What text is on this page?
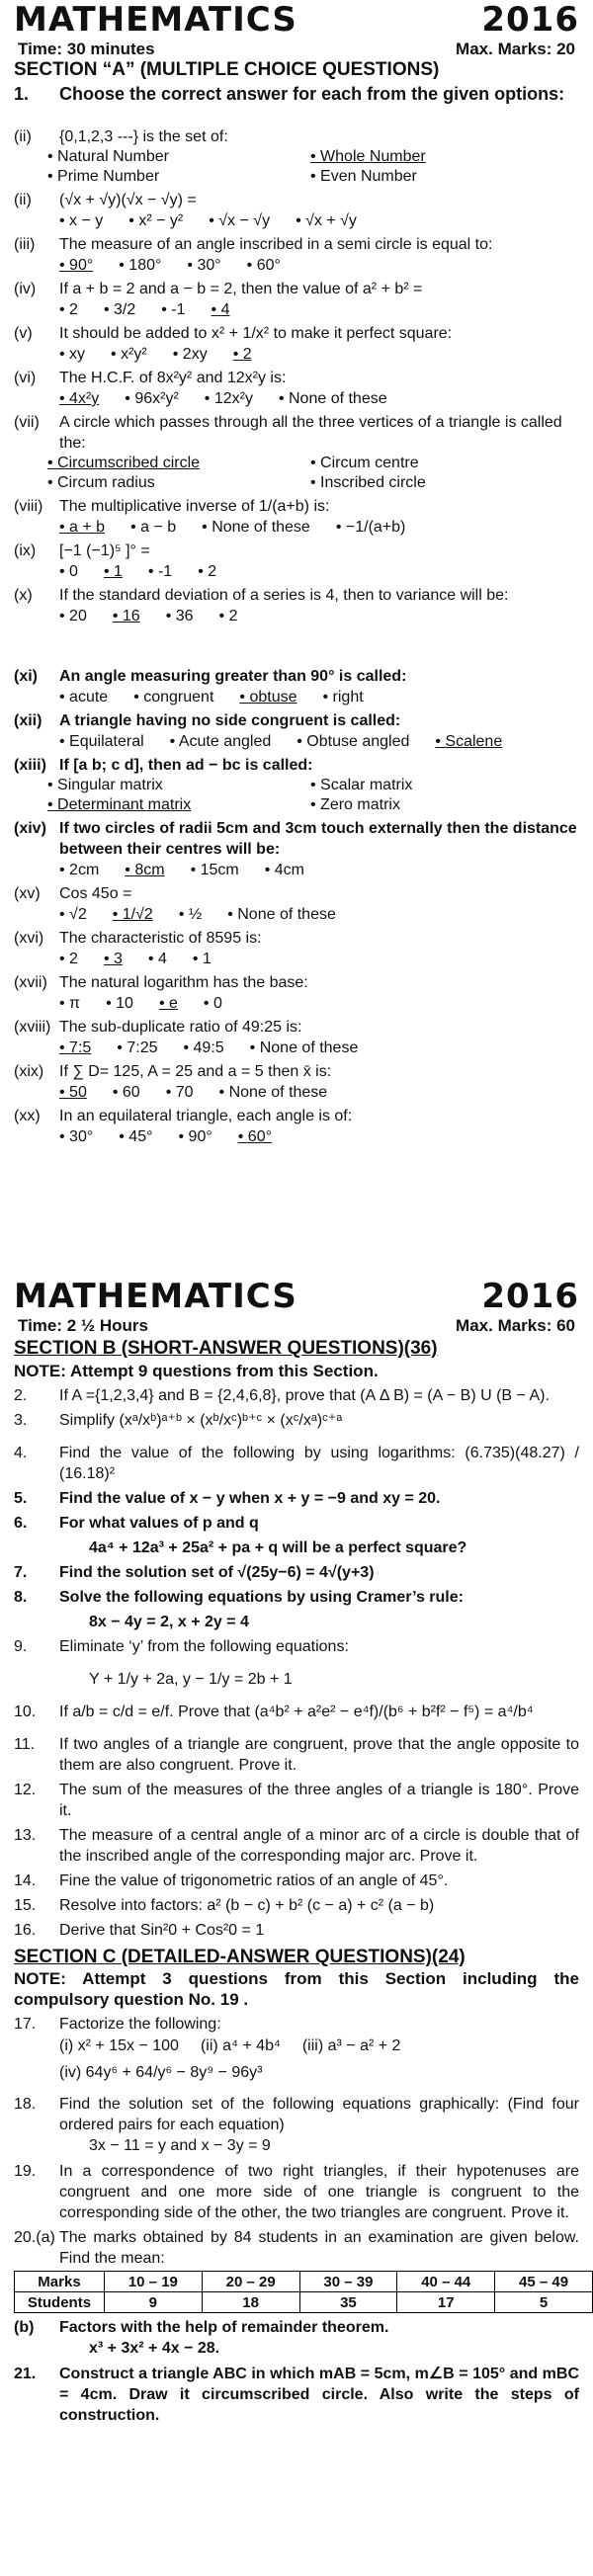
MATHEMATICS	2016
Time: 30 minutes	Max. Marks: 20
SECTION “A” (MULTIPLE CHOICE QUESTIONS)
1.	Choose the correct answer for each from the given options:
(ii)	{0,1,2,3 ---} is the set of:
• Natural Number	• Whole Number
• Prime Number	• Even Number
(ii)	(√x + √y)(√x − √y) =
• x − y	• x² − y²	• √x − √y	• √x + √y
(iii)	The measure of an angle inscribed in a semi circle is equal to:
• 90°	• 180°	• 30°	• 60°
(iv)	If a + b = 2 and a − b = 2, then the value of a² + b² =
• 2	• 3/2	• -1	• 4
(v)	It should be added to x² + 1/x² to make it perfect square:
• xy	• x²y²	• 2xy	• 2
(vi)	The H.C.F. of 8x²y² and 12x²y is:
• 4x²y	• 96x²y²	• 12x²y	• None of these
(vii)	A circle which passes through all the three vertices of a triangle is called the:
• Circumscribed circle	• Circum centre
• Circum radius	• Inscribed circle
(viii)	The multiplicative inverse of 1/(a+b) is:
• a + b	• a − b	• None of these	• −1/(a+b)
(ix)	[−1 (−1)⁵ ]° =
• 0	• 1	• -1	• 2
(x)	If the standard deviation of a series is 4, then to variance will be:
• 20	• 16	• 36	• 2
(xi)	An angle measuring greater than 90° is called:
• acute	• congruent	• obtuse	• right
(xii)	A triangle having no side congruent is called:
• Equilateral	• Acute angled	• Obtuse angled	• Scalene
(xiii) If [a b; c d], then ad − bc is called:
• Singular matrix	• Scalar matrix
• Determinant matrix	• Zero matrix
(xiv) If two circles of radii 5cm and 3cm touch externally then the distance between their centres will be:
• 2cm	• 8cm	• 15cm	• 4cm
(xv)	Cos 45o =
• √2	• 1/√2	• ½	• None of these
(xvi) The characteristic of 8595 is:
• 2	• 3	• 4	• 1
(xvii) The natural logarithm has the base:
• π	• 10	• e	• 0
(xviii) The sub-duplicate ratio of 49:25 is:
• 7:5	• 7:25	• 49:5	• None of these
(xix) If ∑ D= 125, A = 25 and a = 5 then x̄ is:
• 50	• 60	• 70	• None of these
(xx)	In an equilateral triangle, each angle is of:
• 30°	• 45°	• 90°	• 60°
MATHEMATICS	2016
Time: 2 ½ Hours	Max. Marks: 60
SECTION B (SHORT-ANSWER QUESTIONS)(36)
NOTE: Attempt 9 questions from this Section.
2.	If A ={1,2,3,4} and B = {2,4,6,8}, prove that (A Δ B) = (A − B) U (B − A).
3.	Simplify (xᵃ/xᵇ)ᵃ⁺ᵇ × (xᵇ/xᶜ)ᵇ⁺ᶜ × (xᶜ/xᵃ)ᶜ⁺ᵃ
4.	Find the value of the following by using logarithms: (6.735)(48.27) / (16.18)²
5.	Find the value of x − y when x + y = −9 and xy = 20.
6.	For what values of p and q
4a⁴ + 12a³ + 25a² + pa + q will be a perfect square?
7.	Find the solution set of √(25y−6) = 4√(y+3)
8.	Solve the following equations by using Cramer’s rule:
8x − 4y = 2, x + 2y = 4
9.	Eliminate ‘y’ from the following equations:
Y + 1/y + 2a, y − 1/y = 2b + 1
10.	If a/b = c/d = e/f. Prove that (a⁴b² + a²e² − e⁴f)/(b⁶ + b²f² − f⁵) = a⁴/b⁴
11.	If two angles of a triangle are congruent, prove that the angle opposite to them are also congruent. Prove it.
12.	The sum of the measures of the three angles of a triangle is 180°. Prove it.
13.	The measure of a central angle of a minor arc of a circle is double that of the inscribed angle of the corresponding major arc. Prove it.
14.	Fine the value of trigonometric ratios of an angle of 45°.
15.	Resolve into factors: a² (b − c) + b² (c − a) + c² (a − b)
16.	Derive that Sin²0 + Cos²0 = 1
SECTION C (DETAILED-ANSWER QUESTIONS)(24)
NOTE: Attempt 3 questions from this Section including the compulsory question No. 19 .
17.	Factorize the following:
(i) x² + 15x − 100 (ii) a⁴ + 4b⁴ (iii) a³ − a² + 2
(iv) 64y⁶ + 64/y⁶ − 8y⁹ − 96y³
18.	Find the solution set of the following equations graphically: (Find four ordered pairs for each equation)
3x − 11 = y and x − 3y = 9
19.	In a correspondence of two right triangles, if their hypotenuses are congruent and one more side of one triangle is congruent to the corresponding side of the other, the two triangles are congruent. Prove it.
20.(a) The marks obtained by 84 students in an examination are given below. Find the mean:
Marks	10 – 19	20 – 29	30 – 39	40 – 44	45 – 49
Students	9	18	35	17	5
(b)	Factors with the help of remainder theorem.
x³ + 3x² + 4x − 28.
21.	Construct a triangle ABC in which mAB = 5cm, m∠B = 105° and mBC = 4cm. Draw it circumscribed circle. Also write the steps of construction.
